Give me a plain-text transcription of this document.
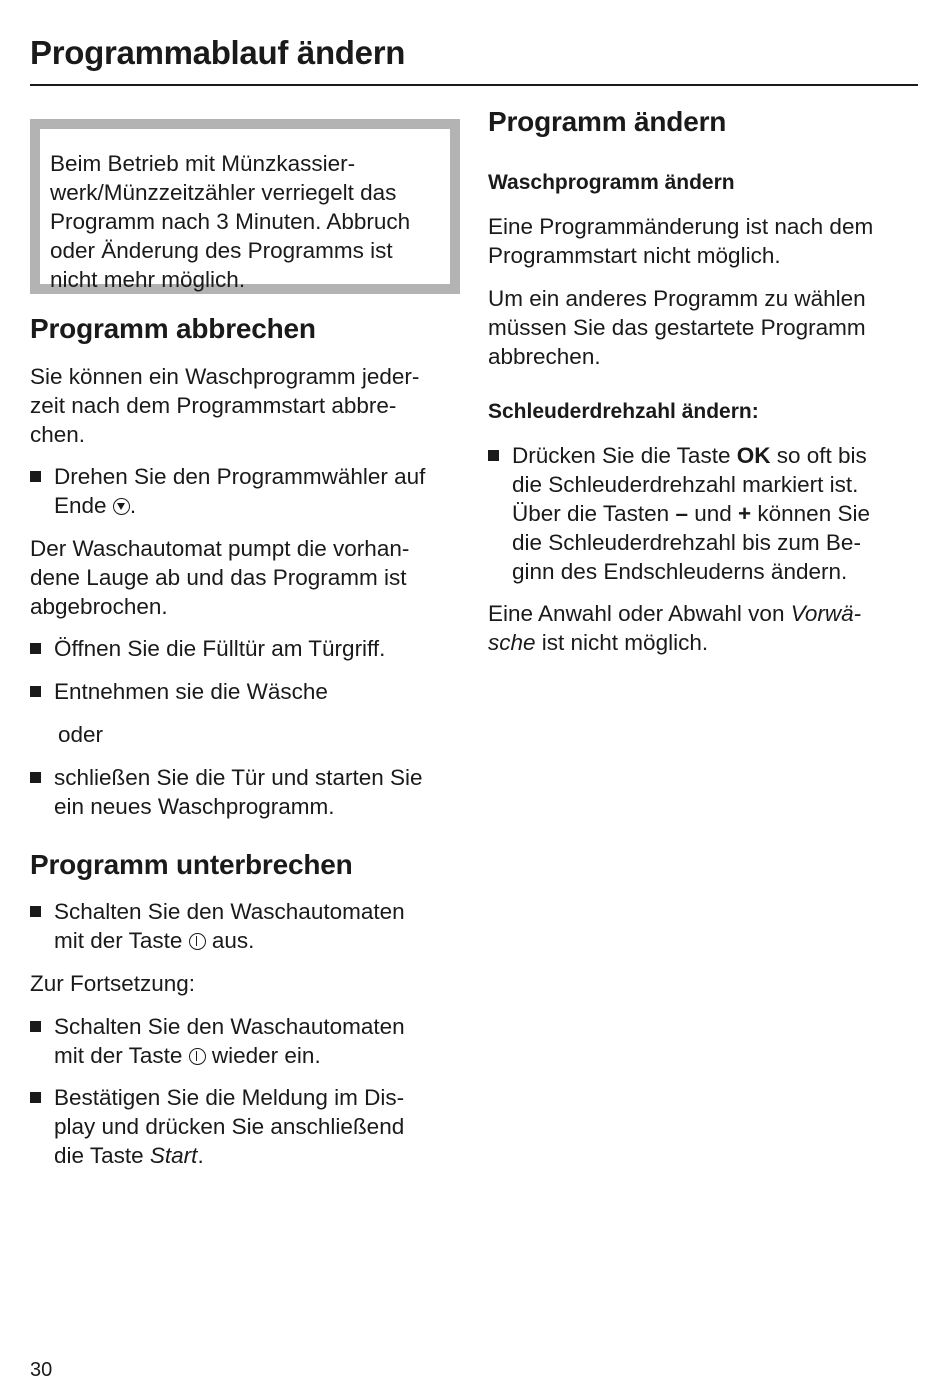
Programmablauf ändern

Beim Betrieb mit Münzkassier-
werk/Münzzeitzähler verriegelt das
Programm nach 3 Minuten. Abbruch
oder Änderung des Programms ist
nicht mehr möglich.

Programm abbrechen

Sie können ein Waschprogramm jeder-
zeit nach dem Programmstart abbre-
chen.

Drehen Sie den Programmwähler auf
Ende .

Der Waschautomat pumpt die vorhan-
dene Lauge ab und das Programm ist
abgebrochen.

Öffnen Sie die Fülltür am Türgriff.

Entnehmen sie die Wäsche

oder

schließen Sie die Tür und starten Sie
ein neues Waschprogramm.

Programm unterbrechen

Schalten Sie den Waschautomaten
mit der Taste  aus.

Zur Fortsetzung:

Schalten Sie den Waschautomaten
mit der Taste  wieder ein.

Bestätigen Sie die Meldung im Dis-
play und drücken Sie anschließend
die Taste Start.

Programm ändern
Waschprogramm ändern

Eine Programmänderung ist nach dem
Programmstart nicht möglich.

Um ein anderes Programm zu wählen
müssen Sie das gestartete Programm
abbrechen.

Schleuderdrehzahl ändern:

Drücken Sie die Taste OK so oft bis
die Schleuderdrehzahl markiert ist.
Über die Tasten – und + können Sie
die Schleuderdrehzahl bis zum Be-
ginn des Endschleuderns ändern.

Eine Anwahl oder Abwahl von Vorwä-
sche ist nicht möglich.

30
